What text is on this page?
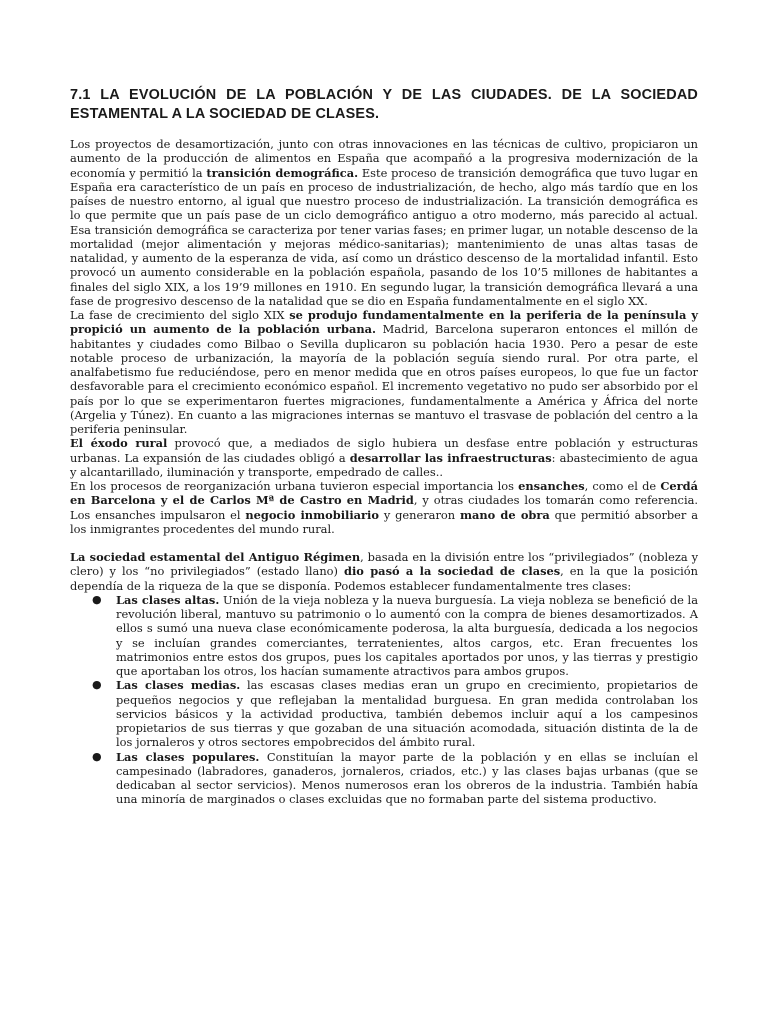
7.1 LA EVOLUCIÓN DE LA POBLACIÓN Y DE LAS CIUDADES. DE LA SOCIEDAD ESTAMENTAL A LA SOCIEDAD DE CLASES.

Los proyectos de desamortización, junto con otras innovaciones en las técnicas de cultivo, propiciaron un aumento de la producción de alimentos en España que acompañó a la progresiva modernización de la economía y permitió la transición demográfica. Este proceso de transición demográfica que tuvo lugar en España era característico de un país en proceso de industrialización, de hecho, algo más tardío que en los países de nuestro entorno, al igual que nuestro proceso de industrialización. La transición demográfica es lo que permite que un país pase de un ciclo demográfico antiguo a otro moderno, más parecido al actual. Esa transición demográfica se caracteriza por tener varias fases; en primer lugar, un notable descenso de la mortalidad (mejor alimentación y mejoras médico-sanitarias); mantenimiento de unas altas tasas de natalidad, y aumento de la esperanza de vida, así como un drástico descenso de la mortalidad infantil. Esto provocó un aumento considerable en la población española, pasando de los 10’5 millones de habitantes a finales del siglo XIX, a los 19’9 millones en 1910. En segundo lugar, la transición demográfica llevará a una fase de progresivo descenso de la natalidad que se dio en España fundamentalmente en el siglo XX.

La fase de crecimiento del siglo XIX se produjo fundamentalmente en la periferia de la península y propició un aumento de la población urbana. Madrid, Barcelona superaron entonces el millón de habitantes y ciudades como Bilbao o Sevilla duplicaron su población hacia 1930. Pero a pesar de este notable proceso de urbanización, la mayoría de la población seguía siendo rural. Por otra parte, el analfabetismo fue reduciéndose, pero en menor medida que en otros países europeos, lo que fue un factor desfavorable para el crecimiento económico español. El incremento vegetativo no pudo ser absorbido por el país por lo que se experimentaron fuertes migraciones, fundamentalmente a América y África del norte (Argelia y Túnez). En cuanto a las migraciones internas se mantuvo el trasvase de población del centro a la periferia peninsular.

El éxodo rural provocó que, a mediados de siglo hubiera un desfase entre población y estructuras urbanas. La expansión de las ciudades obligó a desarrollar las infraestructuras: abastecimiento de agua y alcantarillado, iluminación y transporte, empedrado de calles..

En los procesos de reorganización urbana tuvieron especial importancia los ensanches, como el de Cerdá en Barcelona y el de Carlos Mª de Castro en Madrid, y otras ciudades los tomarán como referencia. Los ensanches impulsaron el negocio inmobiliario y generaron mano de obra que permitió absorber a los inmigrantes procedentes del mundo rural.

La sociedad estamental del Antiguo Régimen, basada en la división entre los “privilegiados” (nobleza y clero) y los “no privilegiados” (estado llano) dio pasó a la sociedad de clases, en la que la posición dependía de la riqueza de la que se disponía. Podemos establecer fundamentalmente tres clases:

● Las clases altas. Unión de la vieja nobleza y la nueva burguesía. La vieja nobleza se benefició de la revolución liberal, mantuvo su patrimonio o lo aumentó con la compra de bienes desamortizados. A ellos s sumó una nueva clase económicamente poderosa, la alta burguesía, dedicada a los negocios y se incluían grandes comerciantes, terratenientes, altos cargos, etc. Eran frecuentes los matrimonios entre estos dos grupos, pues los capitales aportados por unos, y las tierras y prestigio que aportaban los otros, los hacían sumamente atractivos para ambos grupos.
● Las clases medias. las escasas clases medias eran un grupo en crecimiento, propietarios de pequeños negocios y que reflejaban la mentalidad burguesa. En gran medida controlaban los servicios básicos y la actividad productiva, también debemos incluir aquí a los campesinos propietarios de sus tierras y que gozaban de una situación acomodada, situación distinta de la de los jornaleros y otros sectores empobrecidos del ámbito rural.
● Las clases populares. Constituían la mayor parte de la población y en ellas se incluían el campesinado (labradores, ganaderos, jornaleros, criados, etc.) y las clases bajas urbanas (que se dedicaban al sector servicios). Menos numerosos eran los obreros de la industria. También había una minoría de marginados o clases excluidas que no formaban parte del sistema productivo.
